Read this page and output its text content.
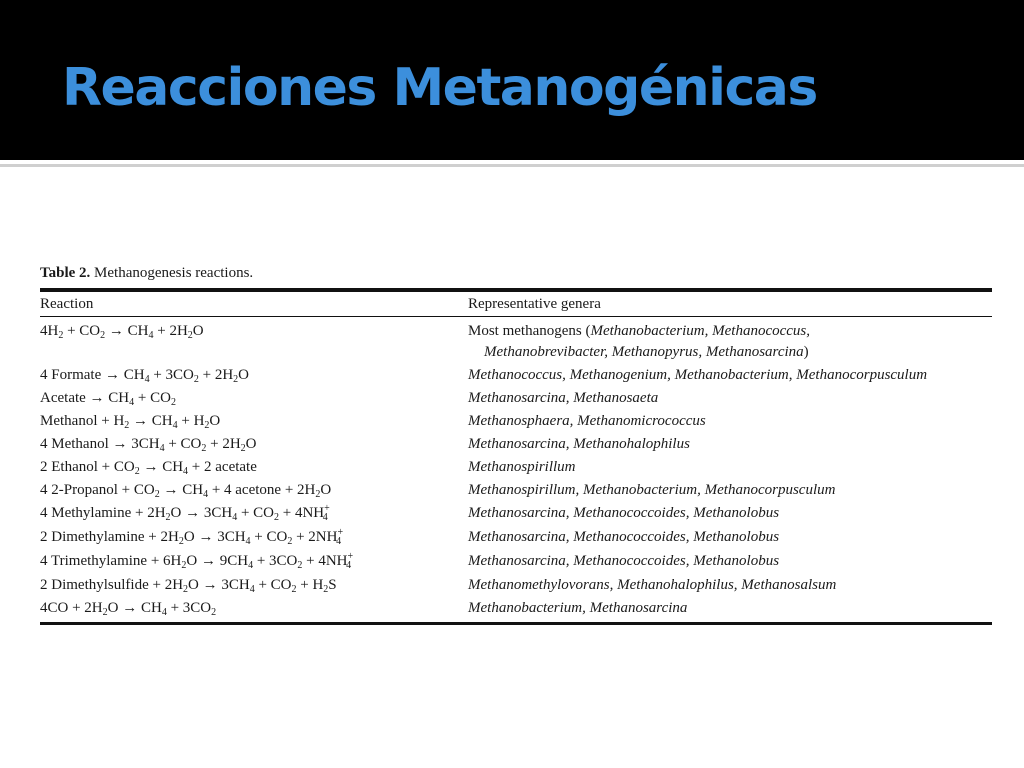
Reacciones Metanogénicas
Table 2. Methanogenesis reactions.
Reaction	Representative genera
$4H_2 + CO_2 \to CH_4 + 2H_2O$	Most methanogens (Methanobacterium, Methanococcus,
Methanobrevibacter, Methanopyrus, Methanosarcina)
4 Formate → $CH_4 + 3CO_2 + 2H_2O$	Methanococcus, Methanogenium, Methanobacterium, Methanocorpusculum
Acetate → $CH_4 + CO_2$	Methanosarcina, Methanosaeta
Methanol + $H_2 \to CH_4 + H_2O$	Methanosphaera, Methanomicrococcus
4 Methanol → $3CH_4 + CO_2 + 2H_2O$	Methanosarcina, Methanohalophilus
2 Ethanol + $CO_2 \to CH_4 + 2$ acetate	Methanospirillum
4 2-Propanol + $CO_2 \to CH_4 + 4$ acetone + $2H_2O$	Methanospirillum, Methanobacterium, Methanocorpusculum
4 Methylamine + $2H_2O \to 3CH_4 + CO_2 + 4NH^+_4$	Methanosarcina, Methanococcoides, Methanolobus
2 Dimethylamine + $2H_2O \to 3CH_4 + CO_2 + 2NH^+_4$	Methanosarcina, Methanococcoides, Methanolobus
4 Trimethylamine + $6H_2O \to 9CH_4 + 3CO_2 + 4NH^+_4$	Methanosarcina, Methanococcoides, Methanolobus
2 Dimethylsulfide + $2H_2O \to 3CH_4 + CO_2 + H_2S$	Methanomethylovorans, Methanohalophilus, Methanosalsum
$4CO + 2H_2O \to CH_4 + 3CO_2$	Methanobacterium, Methanosarcina
